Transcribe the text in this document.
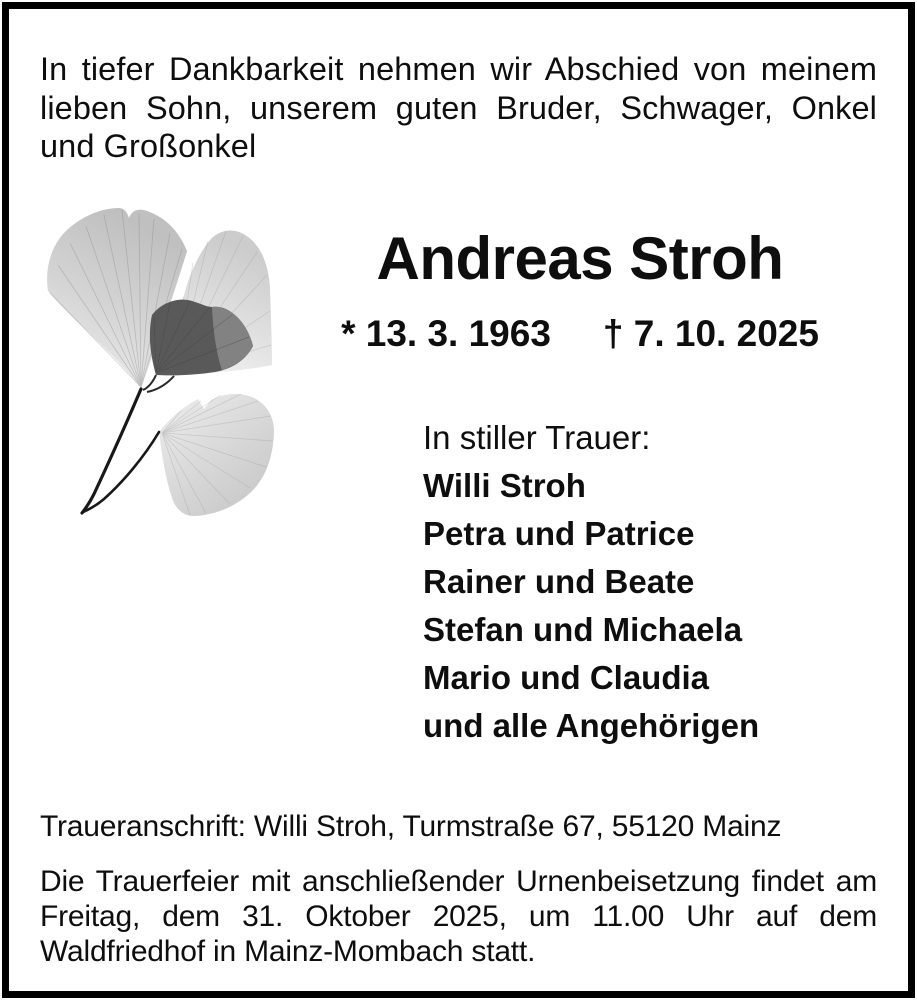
In tiefer Dankbarkeit nehmen wir Abschied von meinem
lieben Sohn, unserem guten Bruder, Schwager, Onkel
und Großonkel
Andreas Stroh
* 13. 3. 1963 † 7. 10. 2025
In stiller Trauer:
Willi Stroh
Petra und Patrice
Rainer und Beate
Stefan und Michaela
Mario und Claudia
und alle Angehörigen
Traueranschrift: Willi Stroh, Turmstraße 67, 55120 Mainz
Die Trauerfeier mit anschließender Urnenbeisetzung findet am
Freitag, dem 31. Oktober 2025, um 11.00 Uhr auf dem
Waldfriedhof in Mainz-Mombach statt.
